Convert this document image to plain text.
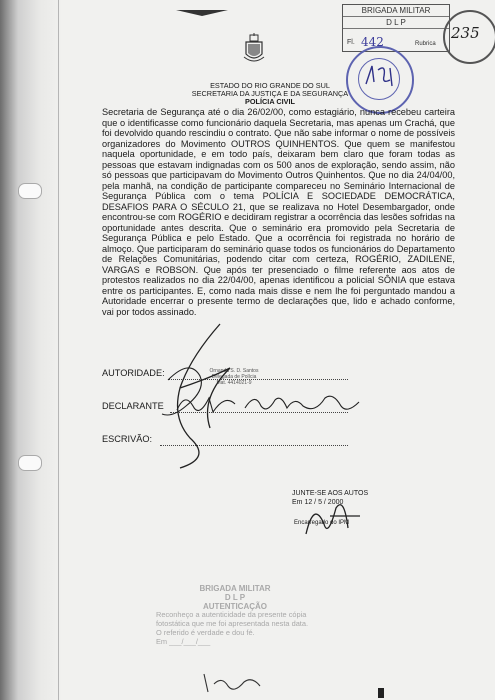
BRIGADA MILITAR
D L P
Fl. 442	Rubrica
235
ESTADO DO RIO GRANDE DO SUL
SECRETARIA DA JUSTIÇA E DA SEGURANÇA
POLÍCIA CIVIL

Secretaria de Segurança até o dia 26/02/00, como estagiário, nunca recebeu carteira que o identificasse como funcionário daquela Secretaria, mas apenas um Crachá, que foi devolvido quando rescindiu o contrato. Que não sabe informar o nome de possíveis organizadores do Movimento OUTROS QUINHENTOS. Que quem se manifestou naquela oportunidade, e em todo país, deixaram bem claro que foram todas as pessoas que estavam indignadas com os 500 anos de exploração, sendo assim, não só pessoas que participavam do Movimento Outros Quinhentos. Que no dia 24/04/00, pela manhã, na condição de participante compareceu no Seminário Internacional de Segurança Pública com o tema POLÍCIA E SOCIEDADE DEMOCRÁTICA, DESAFIOS PARA O SÉCULO 21, que se realizava no Hotel Desembargador, onde encontrou-se com ROGÉRIO e decidiram registrar a ocorrência das lesões sofridas na oportunidade antes descrita. Que o seminário era promovido pela Secretaria de Segurança Pública e pelo Estado. Que a ocorrência foi registrada no horário de almoço. Que participaram do seminário quase todos os funcionários do Departamento de Relações Comunitárias, podendo citar com certeza, ROGÉRIO, ZADILENE, VARGAS e ROBSON. Que após ter presenciado o filme referente aos atos de protestos realizados no dia 22/04/00, apenas identificou a policial SÔNIA que estava entre os participantes. E, como nada mais disse e nem lhe foi perguntado mandou a Autoridade encerrar o presente termo de declarações que, lido e achado conforme, vai por todos assinado.

AUTORIDADE:
DECLARANTE
ESCRIVÃO:
Ornanda S. D. Santos
Delegada de Polícia
Mat. 4414021-9
JUNTE-SE AOS AUTOS
Em 12 / 5 / 2000
Encarregado do IPM
BRIGADA MILITAR
D L P
AUTENTICAÇÃO
Reconheço a autenticidade da presente cópia
fotostática que me foi apresentada nesta data.
O referido é verdade e dou fé.
Em ___/___/___
